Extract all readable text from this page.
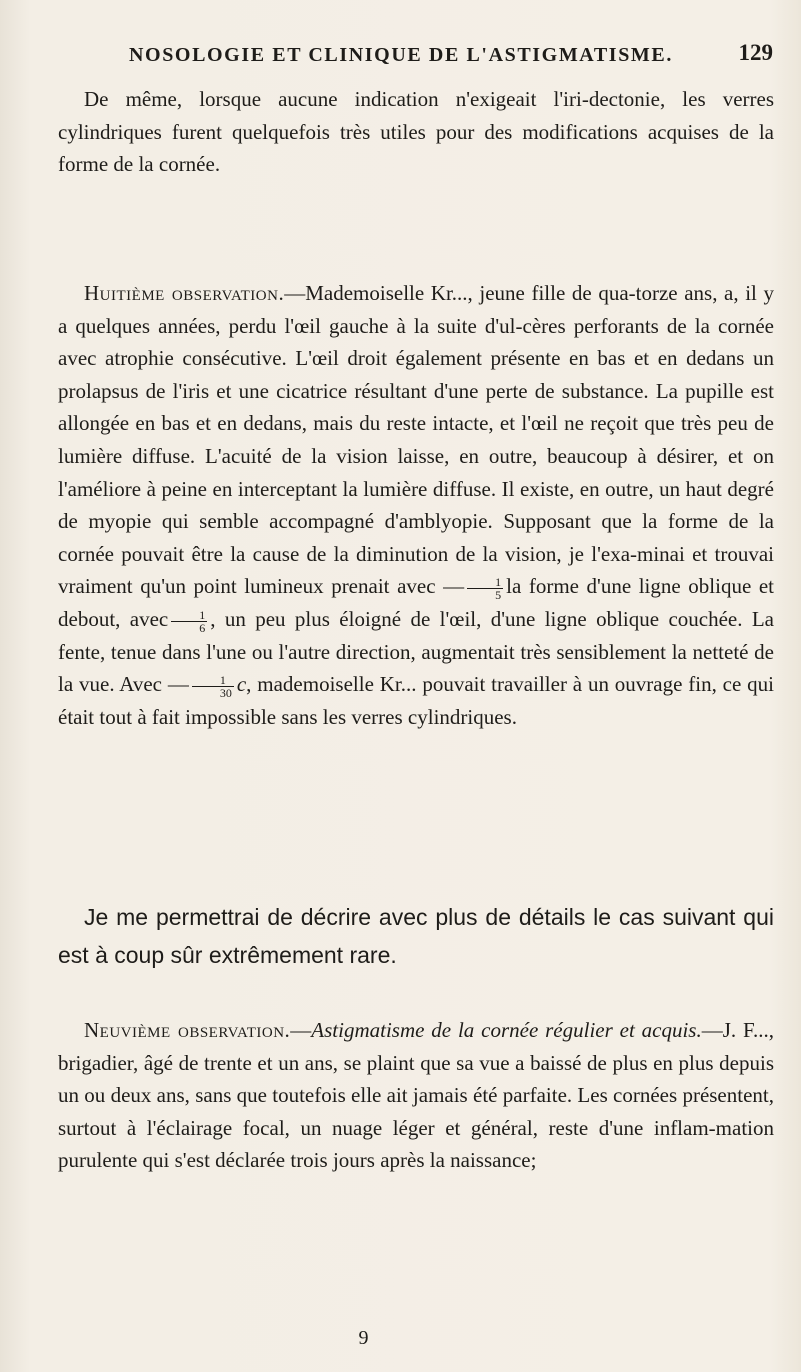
NOSOLOGIE ET CLINIQUE DE L'ASTIGMATISME.	129

De même, lorsque aucune indication n'exigeait l'iri-dectonie, les verres cylindriques furent quelquefois très utiles pour des modifications acquises de la forme de la cornée.

Huitième observation.—Mademoiselle Kr..., jeune fille de qua-torze ans, a, il y a quelques années, perdu l'œil gauche à la suite d'ul-cères perforants de la cornée avec atrophie consécutive. L'œil droit également présente en bas et en dedans un prolapsus de l'iris et une cicatrice résultant d'une perte de substance. La pupille est allongée en bas et en dedans, mais du reste intacte, et l'œil ne reçoit que très peu de lumière diffuse. L'acuité de la vision laisse, en outre, beaucoup à désirer, et on l'améliore à peine en interceptant la lumière diffuse. Il existe, en outre, un haut degré de myopie qui semble accompagné d'amblyopie. Supposant que la forme de la cornée pouvait être la cause de la diminution de la vision, je l'exa-minai et trouvai vraiment qu'un point lumineux prenait avec — $\frac{1}{5}$ la forme d'une ligne oblique et debout, avec $\frac{1}{6}$ , un peu plus éloigné de l'œil, d'une ligne oblique couchée. La fente, tenue dans l'une ou l'autre direction, augmentait très sensiblement la netteté de la vue. Avec — $\frac{1}{30} c$, mademoiselle Kr... pouvait travailler à un ouvrage fin, ce qui était tout à fait impossible sans les verres cylindriques.

Je me permettrai de décrire avec plus de détails le cas suivant qui est à coup sûr extrêmement rare.

Neuvième observation.—Astigmatisme de la cornée régulier et acquis.—J. F..., brigadier, âgé de trente et un ans, se plaint que sa vue a baissé de plus en plus depuis un ou deux ans, sans que toutefois elle ait jamais été parfaite. Les cornées présentent, surtout à l'éclairage focal, un nuage léger et général, reste d'une inflam-mation purulente qui s'est déclarée trois jours après la naissance;

9
